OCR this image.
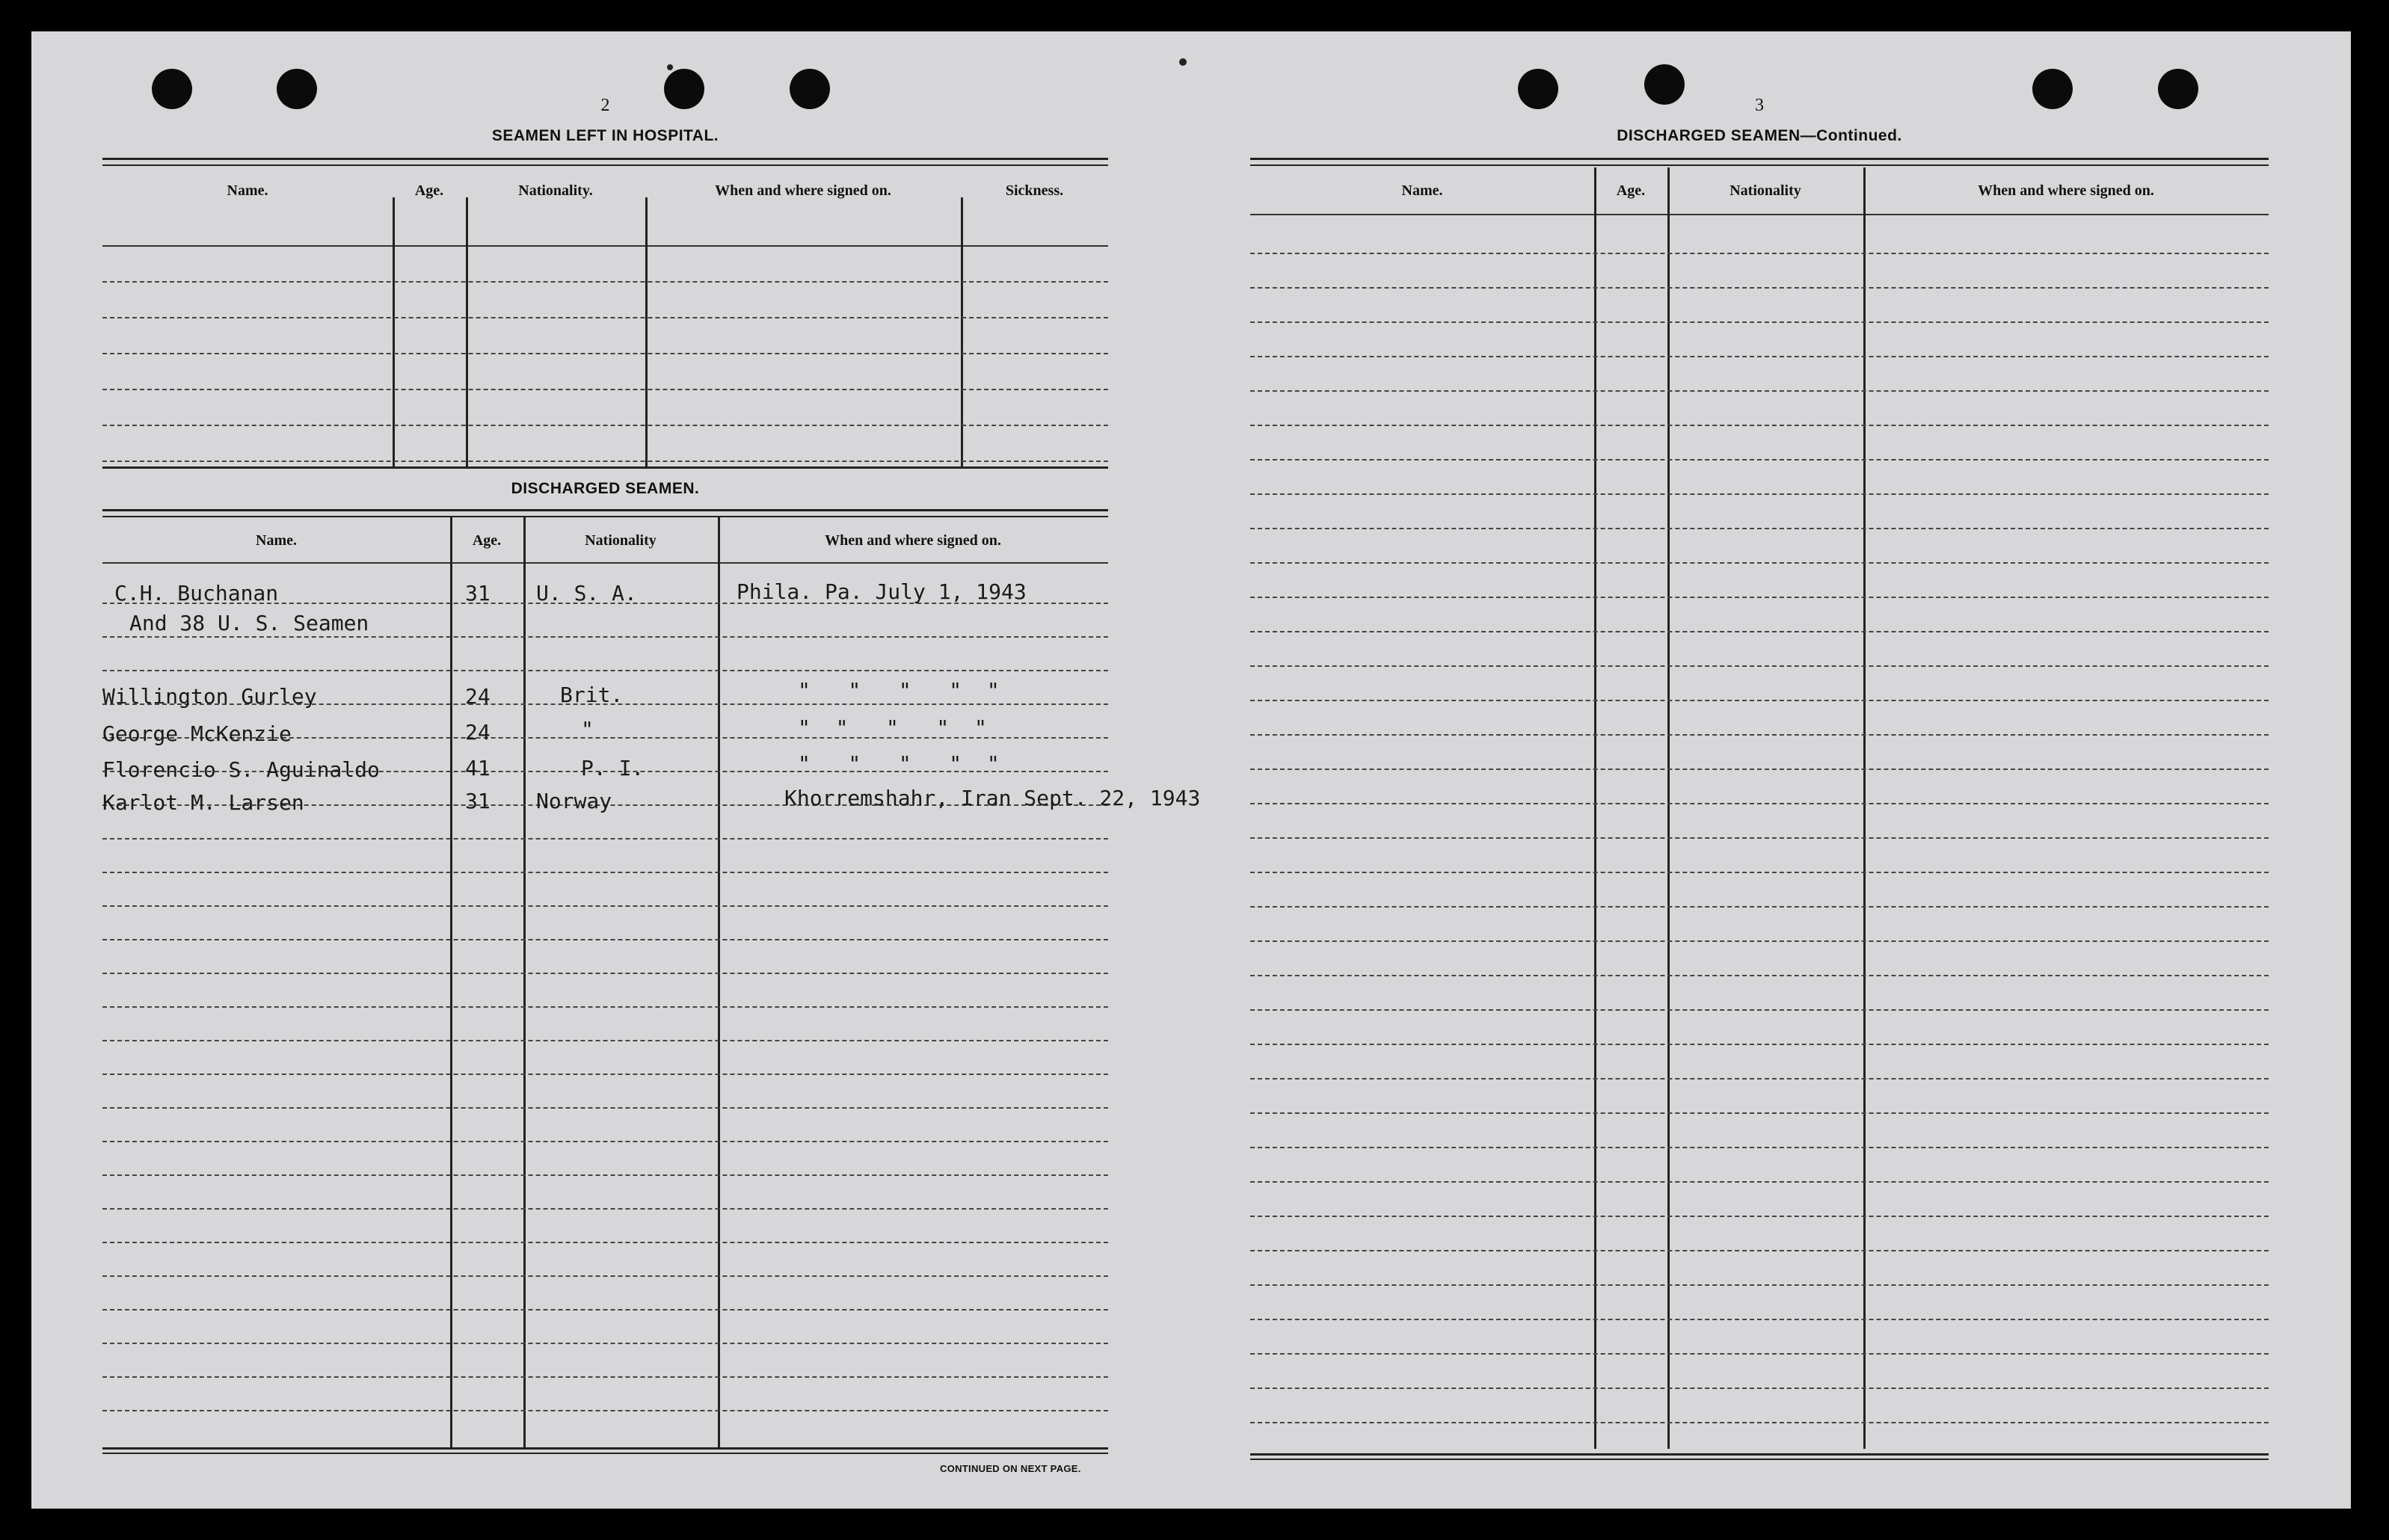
2
SEAMEN LEFT IN HOSPITAL.
Name.	Age.	Nationality.	When and where signed on.	Sickness.
DISCHARGED SEAMEN.
Name.	Age.	Nationality	When and where signed on.
C.H. Buchanan	31 U. S. A.	Phila. Pa. July 1, 1943
And 38 U. S. Seamen
Willington Gurley	24	Brit.	"   "   "   "  "
George McKenzie	24	"	"  "   "   "  "
Florencio S. Aguinaldo	41	P. I.	"   "   "   "  "
Karlot M. Larsen	31 Norway	Khorremshahr, Iran Sept. 22, 1943
CONTINUED ON NEXT PAGE.
3
DISCHARGED SEAMEN—Continued.
Name.	Age.	Nationality	When and where signed on.
